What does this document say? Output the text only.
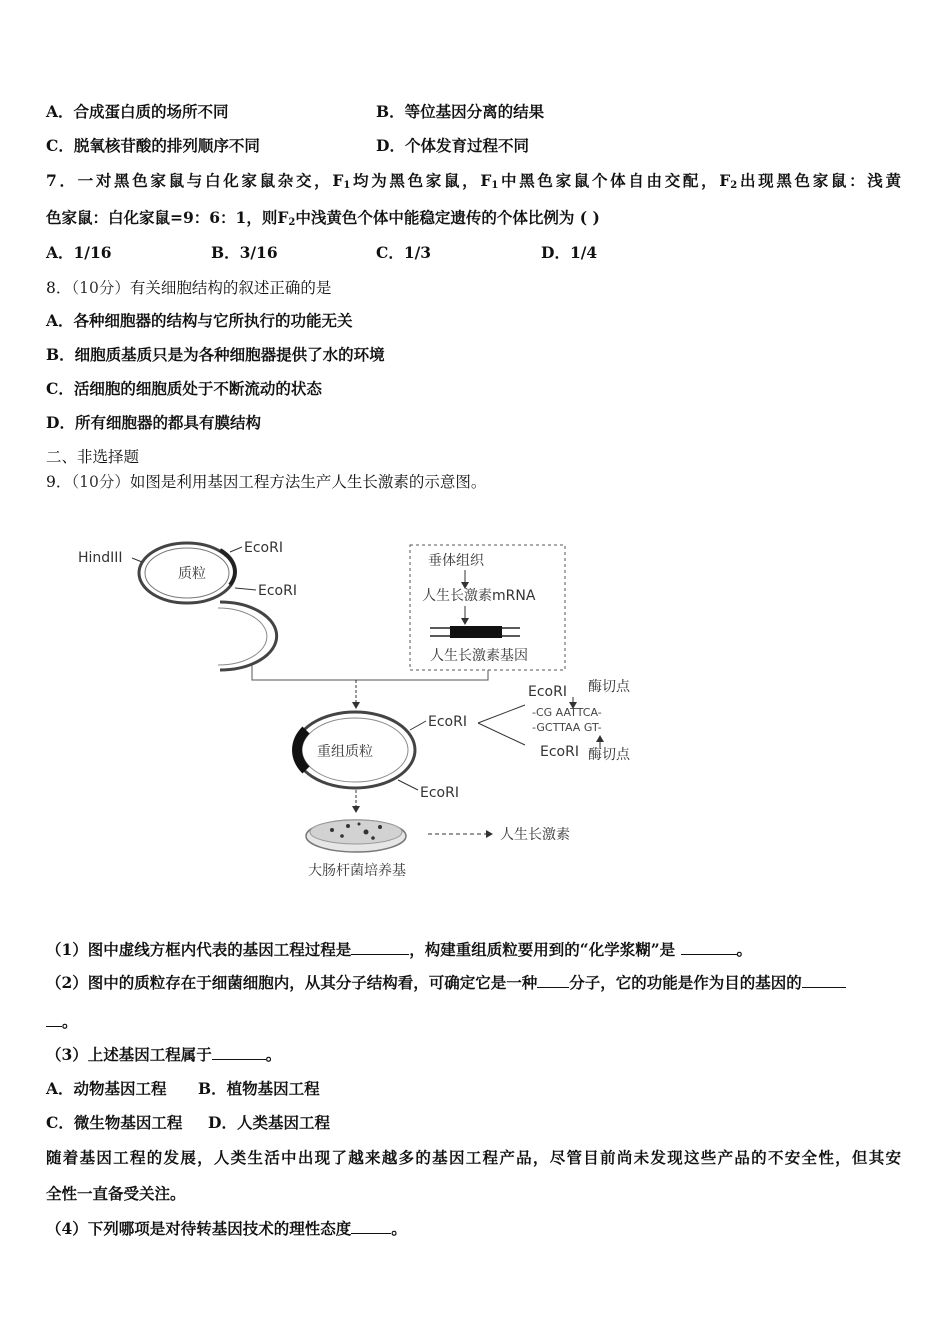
A．合成蛋白质的场所不同	B．等位基因分离的结果
C．脱氧核苷酸的排列顺序不同	D．个体发育过程不同
7．一对黑色家鼠与白化家鼠杂交，$F_1$均为黑色家鼠，$F_1$中黑色家鼠个体自由交配，$F_2$出现黑色家鼠：浅黄
色家鼠：白化家鼠=9：6：1，则$F_2$中浅黄色个体中能稳定遗传的个体比例为 ( )
A．1/16	B．3/16	C．1/3	D．1/4
8．（10分）有关细胞结构的叙述正确的是
A．各种细胞器的结构与它所执行的功能无关
B．细胞质基质只是为各种细胞器提供了水的环境
C．活细胞的细胞质处于不断流动的状态
D．所有细胞器的都具有膜结构
二、非选择题
9．（10分）如图是利用基因工程方法生产人生长激素的示意图。
HindIII
质粒
EcoRI
EcoRI
垂体组织
人生长激素mRNA
人生长激素基因
重组质粒
EcoRI
EcoRI
EcoRI 酶切点
-CG AATTCA-
-GCTTAA GT-
EcoRI 酶切点
大肠杆菌培养基
人生长激素
（1）图中虚线方框内代表的基因工程过程是	，构建重组质粒要用到的“化学浆糊”是	。
（2）图中的质粒存在于细菌细胞内，从其分子结构看，可确定它是一种 分子，它的功能是作为目的基因的
。
（3）上述基因工程属于	。
A．动物基因工程 B．植物基因工程
C．微生物基因工程 D．人类基因工程
随着基因工程的发展，人类生活中出现了越来越多的基因工程产品，尽管目前尚未发现这些产品的不安全性，但其安
全性一直备受关注。
（4）下列哪项是对待转基因技术的理性态度	。
